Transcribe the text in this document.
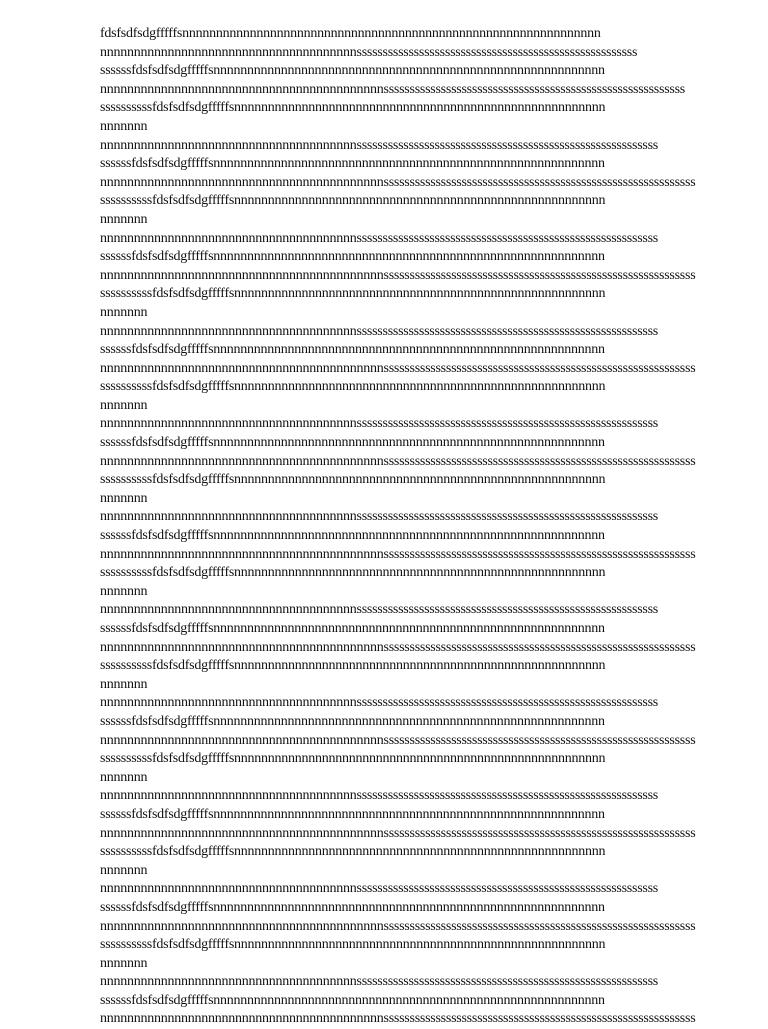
fdsfsdfsdgfffffsnnnnnnnnnnnnnnnnnnnnnnnnnnnnnnnnnnnnnnnnnnnnnnnnnnnnnnnnnnnnnn
nnnnnnnnnnnnnnnnnnnnnnnnnnnnnnnnnnnnnnssssssssssssssssssssssssssssssssssssssssssssssssssssss
ssssssfdsfsdfsdgfffffsnnnnnnnnnnnnnnnnnnnnnnnnnnnnnnnnnnnnnnnnnnnnnnnnnnnnnnnnnn
nnnnnnnnnnnnnnnnnnnnnnnnnnnnnnnnnnnnnnnnnnssssssssssssssssssssssssssssssssssssssssssssssssssssssssss
ssssssssssfdsfsdfsdgfffffsnnnnnnnnnnnnnnnnnnnnnnnnnnnnnnnnnnnnnnnnnnnnnnnnnnnnnnn
nnnnnnn
nnnnnnnnnnnnnnnnnnnnnnnnnnnnnnnnnnnnnnssssssssssssssssssssssssssssssssssssssssssssssssssssssssss
ssssssfdsfsdfsdgfffffsnnnnnnnnnnnnnnnnnnnnnnnnnnnnnnnnnnnnnnnnnnnnnnnnnnnnnnnnnn
nnnnnnnnnnnnnnnnnnnnnnnnnnnnnnnnnnnnnnnnnnssssssssssssssssssssssssssssssssssssssssssssssssssssssssssss
ssssssssssfdsfsdfsdgfffffsnnnnnnnnnnnnnnnnnnnnnnnnnnnnnnnnnnnnnnnnnnnnnnnnnnnnnnn
nnnnnnn
nnnnnnnnnnnnnnnnnnnnnnnnnnnnnnnnnnnnnnssssssssssssssssssssssssssssssssssssssssssssssssssssssssss
ssssssfdsfsdfsdgfffffsnnnnnnnnnnnnnnnnnnnnnnnnnnnnnnnnnnnnnnnnnnnnnnnnnnnnnnnnnn
nnnnnnnnnnnnnnnnnnnnnnnnnnnnnnnnnnnnnnnnnnssssssssssssssssssssssssssssssssssssssssssssssssssssssssssss
ssssssssssfdsfsdfsdgfffffsnnnnnnnnnnnnnnnnnnnnnnnnnnnnnnnnnnnnnnnnnnnnnnnnnnnnnnn
nnnnnnn
nnnnnnnnnnnnnnnnnnnnnnnnnnnnnnnnnnnnnnssssssssssssssssssssssssssssssssssssssssssssssssssssssssss
ssssssfdsfsdfsdgfffffsnnnnnnnnnnnnnnnnnnnnnnnnnnnnnnnnnnnnnnnnnnnnnnnnnnnnnnnnnn
nnnnnnnnnnnnnnnnnnnnnnnnnnnnnnnnnnnnnnnnnnssssssssssssssssssssssssssssssssssssssssssssssssssssssssssss
ssssssssssfdsfsdfsdgfffffsnnnnnnnnnnnnnnnnnnnnnnnnnnnnnnnnnnnnnnnnnnnnnnnnnnnnnnn
nnnnnnn
nnnnnnnnnnnnnnnnnnnnnnnnnnnnnnnnnnnnnnssssssssssssssssssssssssssssssssssssssssssssssssssssssssss
ssssssfdsfsdfsdgfffffsnnnnnnnnnnnnnnnnnnnnnnnnnnnnnnnnnnnnnnnnnnnnnnnnnnnnnnnnnn
nnnnnnnnnnnnnnnnnnnnnnnnnnnnnnnnnnnnnnnnnnssssssssssssssssssssssssssssssssssssssssssssssssssssssssssss
ssssssssssfdsfsdfsdgfffffsnnnnnnnnnnnnnnnnnnnnnnnnnnnnnnnnnnnnnnnnnnnnnnnnnnnnnnn
nnnnnnn
nnnnnnnnnnnnnnnnnnnnnnnnnnnnnnnnnnnnnnssssssssssssssssssssssssssssssssssssssssssssssssssssssssss
ssssssfdsfsdfsdgfffffsnnnnnnnnnnnnnnnnnnnnnnnnnnnnnnnnnnnnnnnnnnnnnnnnnnnnnnnnnn
nnnnnnnnnnnnnnnnnnnnnnnnnnnnnnnnnnnnnnnnnnssssssssssssssssssssssssssssssssssssssssssssssssssssssssssss
ssssssssssfdsfsdfsdgfffffsnnnnnnnnnnnnnnnnnnnnnnnnnnnnnnnnnnnnnnnnnnnnnnnnnnnnnnn
nnnnnnn
nnnnnnnnnnnnnnnnnnnnnnnnnnnnnnnnnnnnnnssssssssssssssssssssssssssssssssssssssssssssssssssssssssss
ssssssfdsfsdfsdgfffffsnnnnnnnnnnnnnnnnnnnnnnnnnnnnnnnnnnnnnnnnnnnnnnnnnnnnnnnnnn
nnnnnnnnnnnnnnnnnnnnnnnnnnnnnnnnnnnnnnnnnnssssssssssssssssssssssssssssssssssssssssssssssssssssssssssss
ssssssssssfdsfsdfsdgfffffsnnnnnnnnnnnnnnnnnnnnnnnnnnnnnnnnnnnnnnnnnnnnnnnnnnnnnnn
nnnnnnn
nnnnnnnnnnnnnnnnnnnnnnnnnnnnnnnnnnnnnnssssssssssssssssssssssssssssssssssssssssssssssssssssssssss
ssssssfdsfsdfsdgfffffsnnnnnnnnnnnnnnnnnnnnnnnnnnnnnnnnnnnnnnnnnnnnnnnnnnnnnnnnnn
nnnnnnnnnnnnnnnnnnnnnnnnnnnnnnnnnnnnnnnnnnssssssssssssssssssssssssssssssssssssssssssssssssssssssssssss
ssssssssssfdsfsdfsdgfffffsnnnnnnnnnnnnnnnnnnnnnnnnnnnnnnnnnnnnnnnnnnnnnnnnnnnnnnn
nnnnnnn
nnnnnnnnnnnnnnnnnnnnnnnnnnnnnnnnnnnnnnssssssssssssssssssssssssssssssssssssssssssssssssssssssssss
ssssssfdsfsdfsdgfffffsnnnnnnnnnnnnnnnnnnnnnnnnnnnnnnnnnnnnnnnnnnnnnnnnnnnnnnnnnn
nnnnnnnnnnnnnnnnnnnnnnnnnnnnnnnnnnnnnnnnnnssssssssssssssssssssssssssssssssssssssssssssssssssssssssssss
ssssssssssfdsfsdfsdgfffffsnnnnnnnnnnnnnnnnnnnnnnnnnnnnnnnnnnnnnnnnnnnnnnnnnnnnnnn
nnnnnnn
nnnnnnnnnnnnnnnnnnnnnnnnnnnnnnnnnnnnnnssssssssssssssssssssssssssssssssssssssssssssssssssssssssss
ssssssfdsfsdfsdgfffffsnnnnnnnnnnnnnnnnnnnnnnnnnnnnnnnnnnnnnnnnnnnnnnnnnnnnnnnnnn
nnnnnnnnnnnnnnnnnnnnnnnnnnnnnnnnnnnnnnnnnnssssssssssssssssssssssssssssssssssssssssssssssssssssssssssss
ssssssssssfdsfsdfsdgfffffsnnnnnnnnnnnnnnnnnnnnnnnnnnnnnnnnnnnnnnnnnnnnnnnnnnnnnnn
nnnnnnn
nnnnnnnnnnnnnnnnnnnnnnnnnnnnnnnnnnnnnnssssssssssssssssssssssssssssssssssssssssssssssssssssssssss
ssssssfdsfsdfsdgfffffsnnnnnnnnnnnnnnnnnnnnnnnnnnnnnnnnnnnnnnnnnnnnnnnnnnnnnnnnnn
nnnnnnnnnnnnnnnnnnnnnnnnnnnnnnnnnnnnnnnnnnssssssssssssssssssssssssssssssssssssssssssssssssssssssssssss
